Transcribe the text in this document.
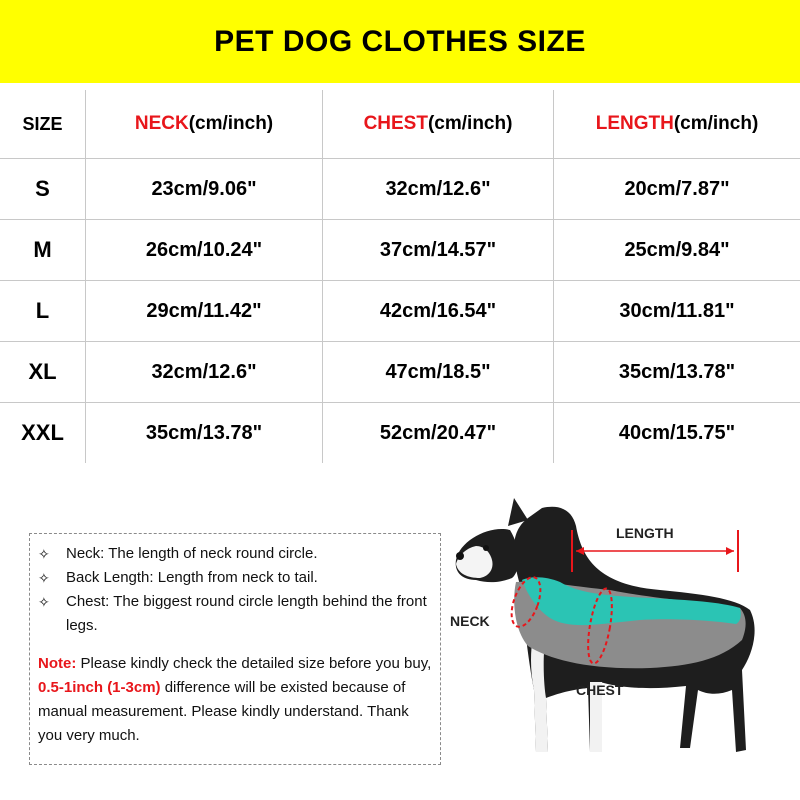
PET DOG CLOTHES SIZE
SIZE	NECK(cm/inch)	CHEST(cm/inch)	LENGTH(cm/inch)
S	23cm/9.06"	32cm/12.6"	20cm/7.87"
M	26cm/10.24"	37cm/14.57"	25cm/9.84"
L	29cm/11.42"	42cm/16.54"	30cm/11.81"
XL	32cm/12.6"	47cm/18.5"	35cm/13.78"
XXL	35cm/13.78"	52cm/20.47"	40cm/15.75"
✧	Neck: The length of neck round circle.
✧	Back Length: Length from neck to tail.
✧	Chest: The biggest round circle length behind the front legs.
Note: Please kindly check the detailed size before you buy, 0.5-1inch (1-3cm) difference will be existed because of manual measurement. Please kindly understand. Thank you very much.
LENGTH
NECK
CHEST
